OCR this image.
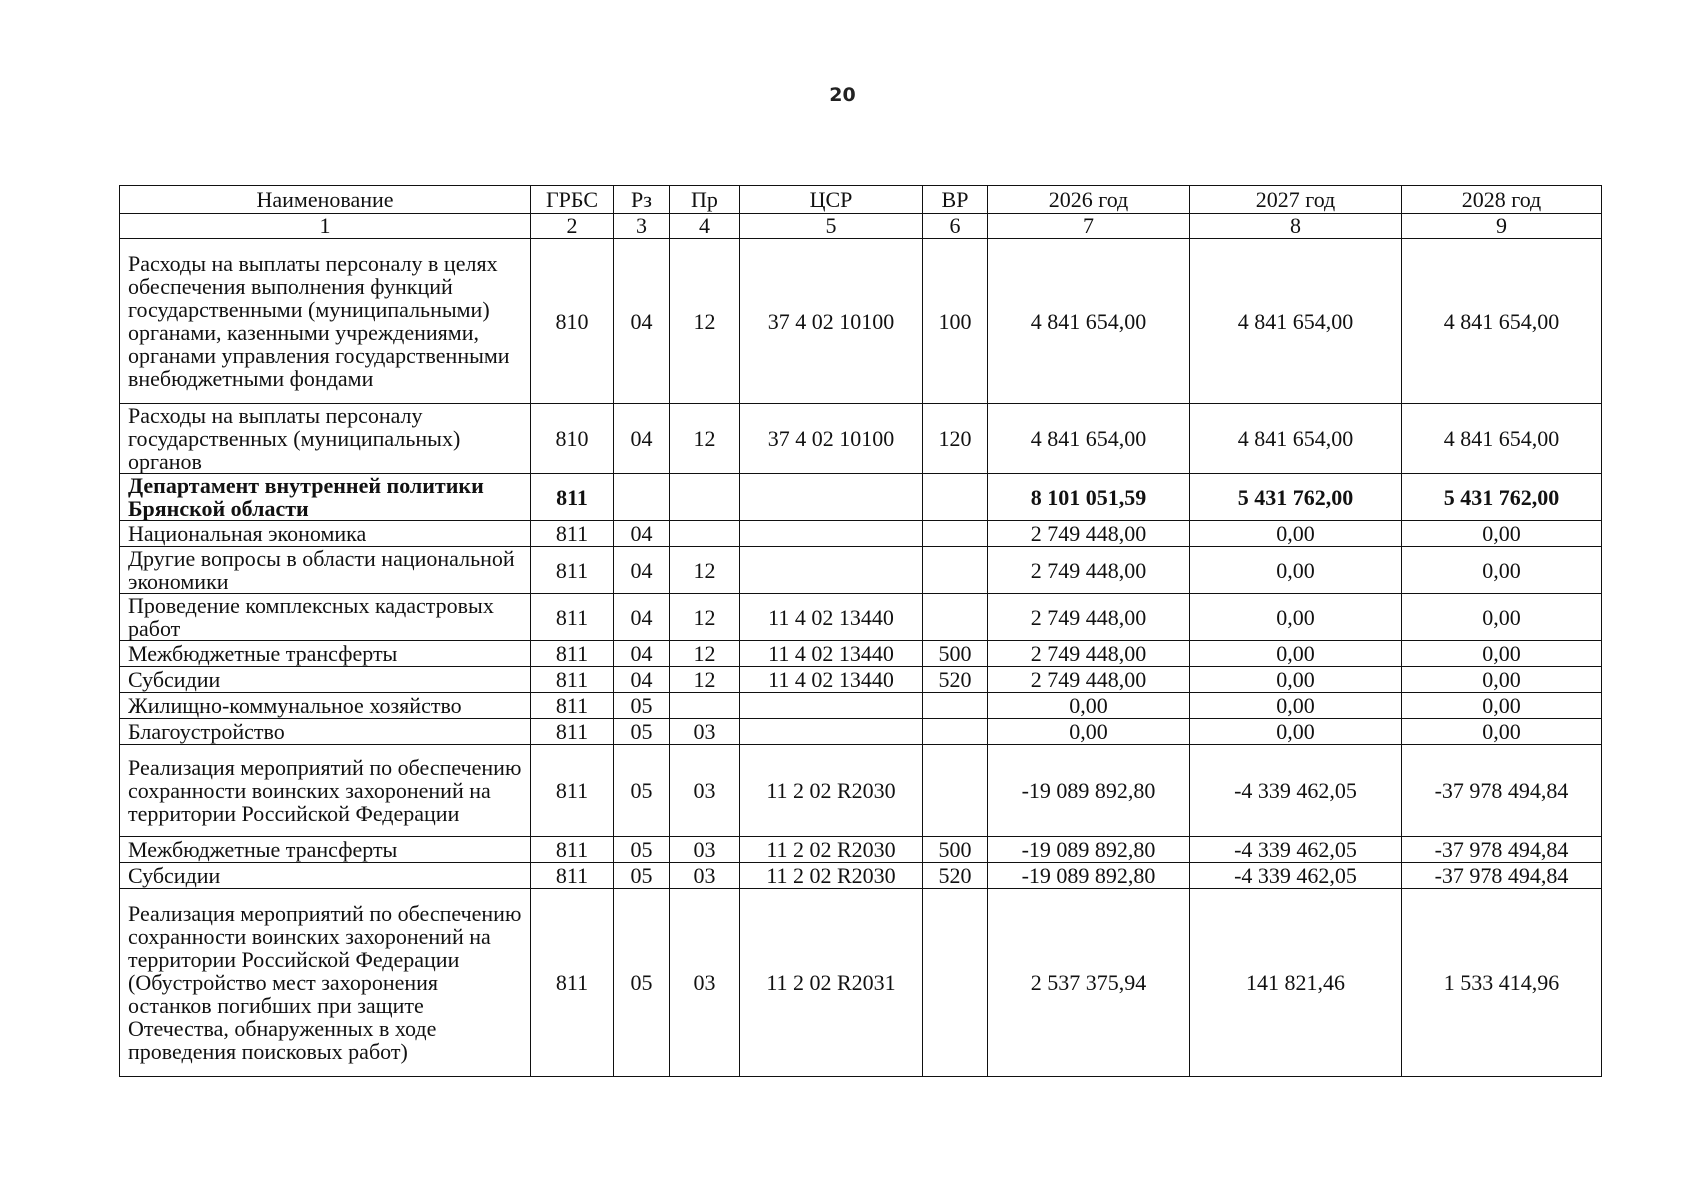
20
Наименование	ГРБС	Рз	Пр	ЦСР	ВР	2026 год	2027 год	2028 год
1	2	3	4	5	6	7	8	9
Расходы на выплаты персоналу в целях обеспечения выполнения функций государственными (муниципальными) органами, казенными учреждениями, органами управления государственными внебюджетными фондами	810	04	12	37 4 02 10100	100	4 841 654,00	4 841 654,00	4 841 654,00
Расходы на выплаты персоналу государственных (муниципальных) органов	810	04	12	37 4 02 10100	120	4 841 654,00	4 841 654,00	4 841 654,00
Департамент внутренней политики Брянской области	811					8 101 051,59	5 431 762,00	5 431 762,00
Национальная экономика	811	04				2 749 448,00	0,00	0,00
Другие вопросы в области национальной экономики	811	04	12			2 749 448,00	0,00	0,00
Проведение комплексных кадастровых работ	811	04	12	11 4 02 13440		2 749 448,00	0,00	0,00
Межбюджетные трансферты	811	04	12	11 4 02 13440	500	2 749 448,00	0,00	0,00
Субсидии	811	04	12	11 4 02 13440	520	2 749 448,00	0,00	0,00
Жилищно-коммунальное хозяйство	811	05				0,00	0,00	0,00
Благоустройство	811	05	03			0,00	0,00	0,00
Реализация мероприятий по обеспечению сохранности воинских захоронений на территории Российской Федерации	811	05	03	11 2 02 R2030		-19 089 892,80	-4 339 462,05	-37 978 494,84
Межбюджетные трансферты	811	05	03	11 2 02 R2030	500	-19 089 892,80	-4 339 462,05	-37 978 494,84
Субсидии	811	05	03	11 2 02 R2030	520	-19 089 892,80	-4 339 462,05	-37 978 494,84
Реализация мероприятий по обеспечению сохранности воинских захоронений на территории Российской Федерации (Обустройство мест захоронения останков погибших при защите Отечества, обнаруженных в ходе проведения поисковых работ)	811	05	03	11 2 02 R2031		2 537 375,94	141 821,46	1 533 414,96
